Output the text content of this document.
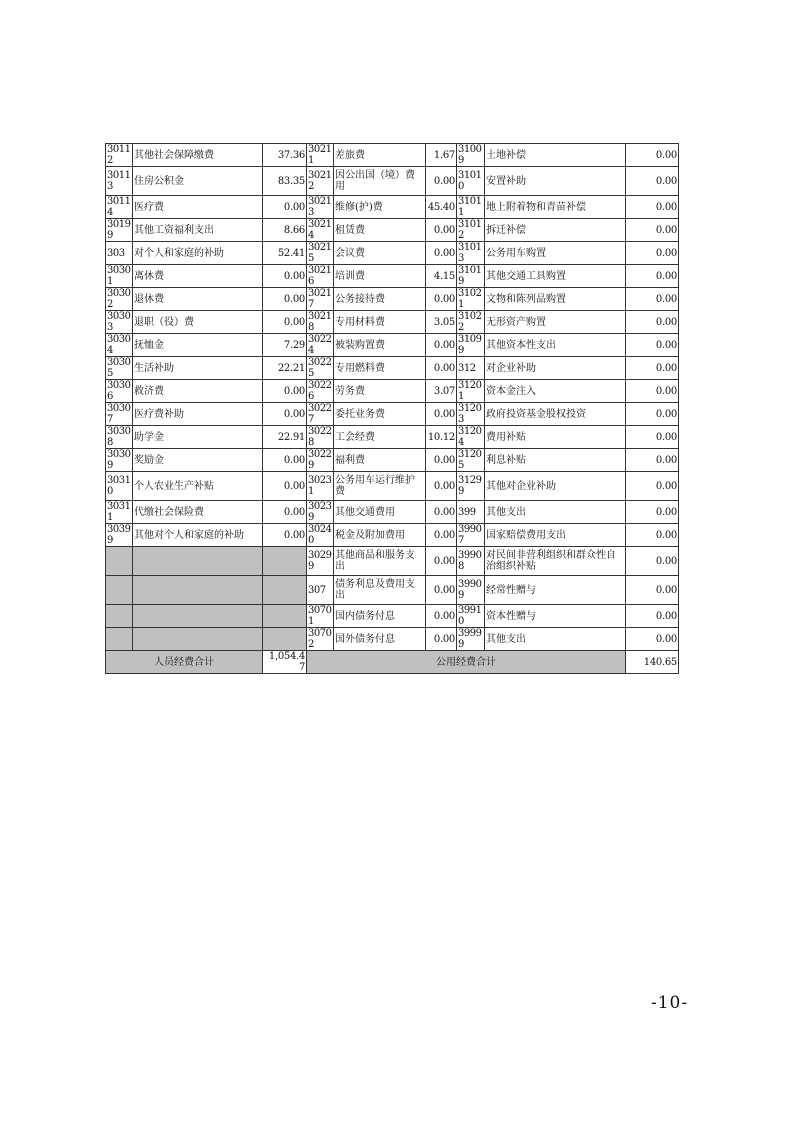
30112	其他社会保障缴费	37.36	30211	差旅费	1.67	31009	土地补偿	0.00
30113	住房公积金	83.35	30212	因公出国（境）费用	0.00	31010	安置补助	0.00
30114	医疗费	0.00	30213	维修(护)费	45.40	31011	地上附着物和青苗补偿	0.00
30199	其他工资福利支出	8.66	30214	租赁费	0.00	31012	拆迁补偿	0.00
303	对个人和家庭的补助	52.41	30215	会议费	0.00	31013	公务用车购置	0.00
30301	离休费	0.00	30216	培训费	4.15	31019	其他交通工具购置	0.00
30302	退休费	0.00	30217	公务接待费	0.00	31021	文物和陈列品购置	0.00
30303	退职（役）费	0.00	30218	专用材料费	3.05	31022	无形资产购置	0.00
30304	抚恤金	7.29	30224	被装购置费	0.00	31099	其他资本性支出	0.00
30305	生活补助	22.21	30225	专用燃料费	0.00	312	对企业补助	0.00
30306	救济费	0.00	30226	劳务费	3.07	31201	资本金注入	0.00
30307	医疗费补助	0.00	30227	委托业务费	0.00	31203	政府投资基金股权投资	0.00
30308	助学金	22.91	30228	工会经费	10.12	31204	费用补贴	0.00
30309	奖励金	0.00	30229	福利费	0.00	31205	利息补贴	0.00
30310	个人农业生产补贴	0.00	30231	公务用车运行维护费	0.00	31299	其他对企业补助	0.00
30311	代缴社会保险费	0.00	30239	其他交通费用	0.00	399	其他支出	0.00
30399	其他对个人和家庭的补助	0.00	30240	税金及附加费用	0.00	39907	国家赔偿费用支出	0.00
			30299	其他商品和服务支出	0.00	39908	对民间非营利组织和群众性自治组织补贴	0.00
			307	债务利息及费用支出	0.00	39909	经常性赠与	0.00
			30701	国内债务付息	0.00	39910	资本性赠与	0.00
			30702	国外债务付息	0.00	39999	其他支出	0.00
人员经费合计		1,054.47	公用经费合计					140.65
-10-
